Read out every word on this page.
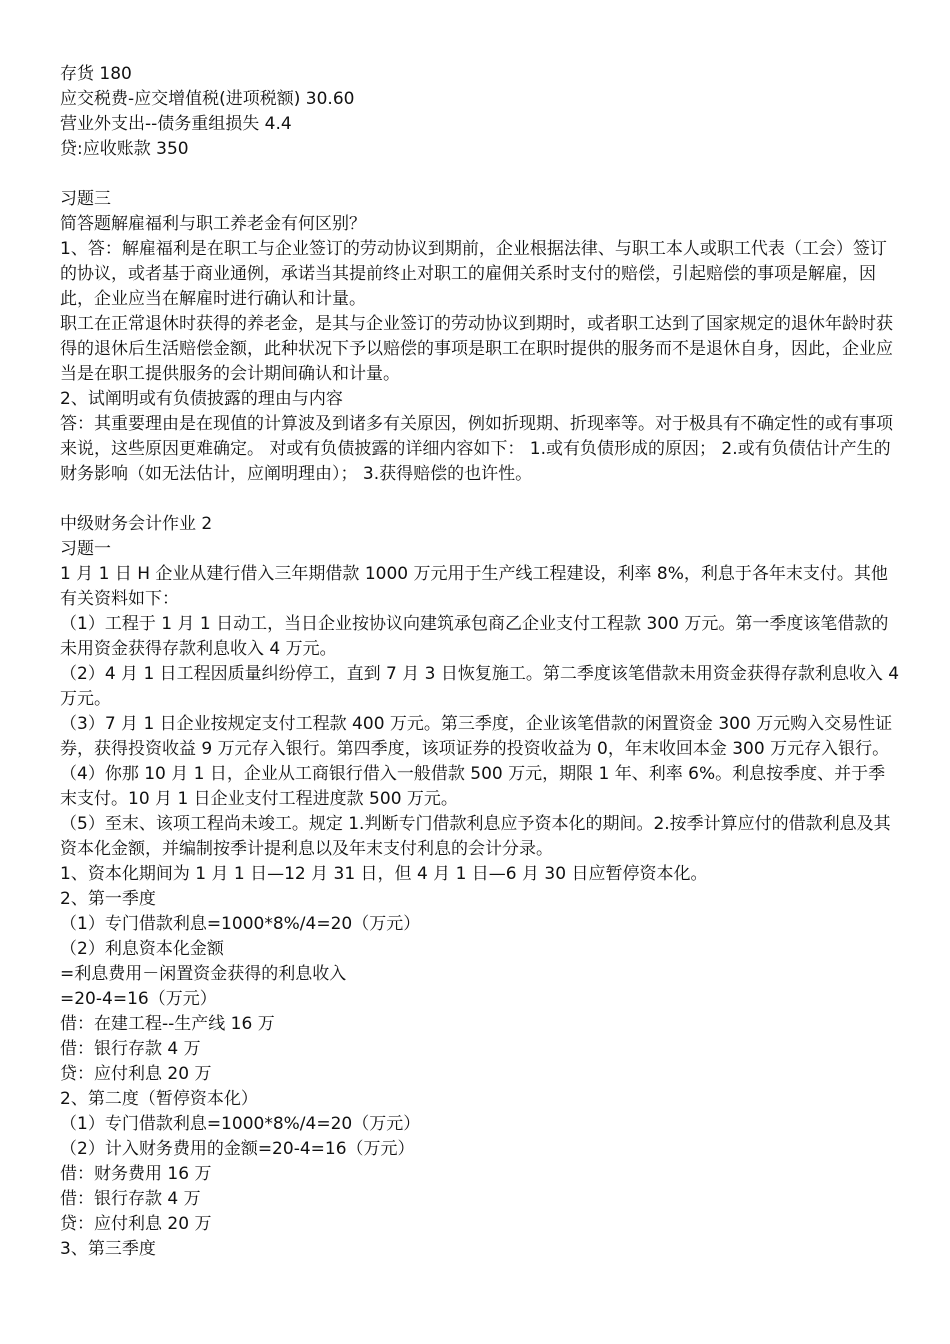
存货 180
应交税费-应交增值税(进项税额) 30.60
营业外支出--债务重组损失 4.4
贷:应收账款 350
习题三
简答题解雇福利与职工养老金有何区别？
1、答：解雇福利是在职工与企业签订的劳动协议到期前，企业根据法律、与职工本人或职工代表（工会）签订的协议，或者基于商业通例，承诺当其提前终止对职工的雇佣关系时支付的赔偿，引起赔偿的事项是解雇，因此，企业应当在解雇时进行确认和计量。
职工在正常退休时获得的养老金，是其与企业签订的劳动协议到期时，或者职工达到了国家规定的退休年龄时获得的退休后生活赔偿金额，此种状况下予以赔偿的事项是职工在职时提供的服务而不是退休自身，因此，企业应当是在职工提供服务的会计期间确认和计量。
2、试阐明或有负债披露的理由与内容
答：其重要理由是在现值的计算波及到诸多有关原因，例如折现期、折现率等。对于极具有不确定性的或有事项来说，这些原因更难确定。 对或有负债披露的详细内容如下： 1.或有负债形成的原因； 2.或有负债估计产生的财务影响（如无法估计，应阐明理由）； 3.获得赔偿的也许性。
中级财务会计作业 2
习题一
1 月 1 日 H 企业从建行借入三年期借款 1000 万元用于生产线工程建设，利率 8%，利息于各年末支付。其他有关资料如下：
（1）工程于 1 月 1 日动工，当日企业按协议向建筑承包商乙企业支付工程款 300 万元。第一季度该笔借款的未用资金获得存款利息收入 4 万元。
（2）4 月 1 日工程因质量纠纷停工，直到 7 月 3 日恢复施工。第二季度该笔借款未用资金获得存款利息收入 4 万元。
（3）7 月 1 日企业按规定支付工程款 400 万元。第三季度，企业该笔借款的闲置资金 300 万元购入交易性证券，获得投资收益 9 万元存入银行。第四季度，该项证券的投资收益为 0，年末收回本金 300 万元存入银行。
（4）你那 10 月 1 日，企业从工商银行借入一般借款 500 万元，期限 1 年、利率 6%。利息按季度、并于季末支付。10 月 1 日企业支付工程进度款 500 万元。
（5）至末、该项工程尚未竣工。规定 1.判断专门借款利息应予资本化的期间。2.按季计算应付的借款利息及其资本化金额，并编制按季计提利息以及年末支付利息的会计分录。
1、资本化期间为 1 月 1 日—12 月 31 日，但 4 月 1 日—6 月 30 日应暂停资本化。
2、第一季度
（1）专门借款利息=1000*8%/4=20（万元）
（2）利息资本化金额
=利息费用－闲置资金获得的利息收入
=20-4=16（万元）
借：在建工程--生产线 16 万
借：银行存款 4 万
贷：应付利息 20 万
2、第二度（暂停资本化）
（1）专门借款利息=1000*8%/4=20（万元）
（2）计入财务费用的金额=20-4=16（万元）
借：财务费用 16 万
借：银行存款 4 万
贷：应付利息 20 万
3、第三季度
